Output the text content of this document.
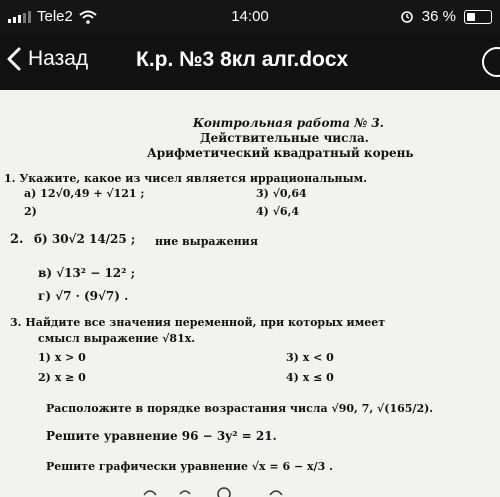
Tele2	14:00	36 %
Назад К.р. №3 8кл алг.docx
Контрольная работа № 3.
Действительные числа.
Арифметический квадратный корень
1. Укажите, какое из чисел является иррациональным.
а) 12√0,49 + √121 ;
2)
3) √0,64
4) √6,4
2. б) 30√2 14/25 ; ние выражения
в) √13² − 12² ;
г) √7 · (9√7) .
3. Найдите все значения переменной, при которых имеет
смысл выражение √81x.
1) x > 0
2) x ≥ 0
3) x < 0
4) x ≤ 0
Расположите в порядке возрастания числа √90, 7, √(165/2).
Решите уравнение 96 − 3y² = 21.
Решите графически уравнение √x = 6 − x/3 .
